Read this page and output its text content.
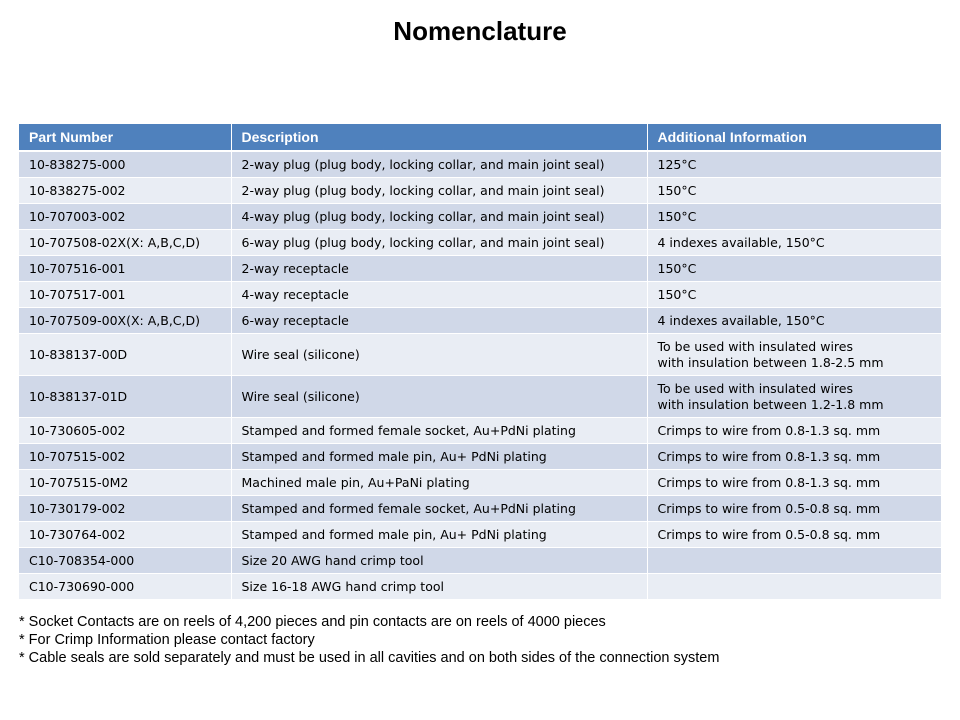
Nomenclature
Part Number	Description	Additional Information
10-838275-000	2-way plug (plug body, locking collar, and main joint seal)	125°C

10-838275-002	2-way plug (plug body, locking collar, and main joint seal)	150°C

10-707003-002	4-way plug (plug body, locking collar, and main joint seal)	150°C

10-707508-02X(X: A,B,C,D)	6-way plug (plug body, locking collar, and main joint seal)	4 indexes available, 150°C

10-707516-001	2-way receptacle	150°C

10-707517-001	4-way receptacle	150°C

10-707509-00X(X: A,B,C,D)	6-way receptacle	4 indexes available, 150°C

10-838137-00D	Wire seal (silicone)	To be used with insulated wires
with insulation between 1.8-2.5 mm

10-838137-01D	Wire seal (silicone)	To be used with insulated wires
with insulation between 1.2-1.8 mm

10-730605-002	Stamped and formed female socket, Au+PdNi plating	Crimps to wire from 0.8-1.3 sq. mm

10-707515-002	Stamped and formed male pin, Au+ PdNi plating	Crimps to wire from 0.8-1.3 sq. mm

10-707515-0M2	Machined male pin, Au+PaNi plating	Crimps to wire from 0.8-1.3 sq. mm

10-730179-002	Stamped and formed female socket, Au+PdNi plating	Crimps to wire from 0.5-0.8 sq. mm

10-730764-002	Stamped and formed male pin, Au+ PdNi plating	Crimps to wire from 0.5-0.8 sq. mm

C10-708354-000	Size 20 AWG hand crimp tool	

C10-730690-000	Size 16-18 AWG hand crimp tool	
* Socket Contacts are on reels of 4,200 pieces and pin contacts are on reels of 4000 pieces
* For Crimp Information please contact factory
* Cable seals are sold separately and must be used in all cavities and on both sides of the connection system
